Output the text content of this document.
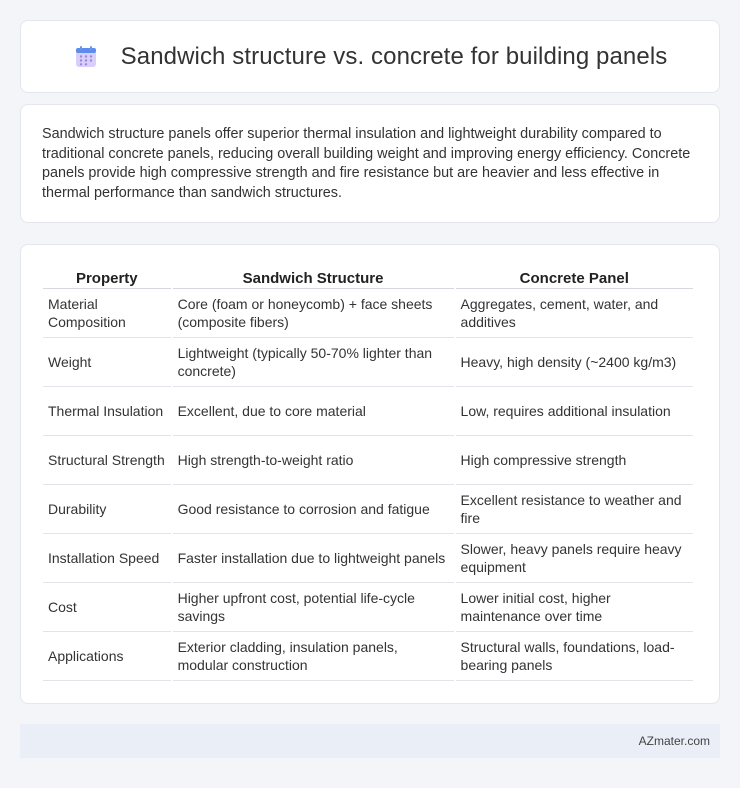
Sandwich structure vs. concrete for building panels

Sandwich structure panels offer superior thermal insulation and lightweight durability compared to traditional concrete panels, reducing overall building weight and improving energy efficiency. Concrete panels provide high compressive strength and fire resistance but are heavier and less effective in thermal performance than sandwich structures.

Property	Sandwich Structure	Concrete Panel
Material Composition	Core (foam or honeycomb) + face sheets (composite fibers)	Aggregates, cement, water, and additives
Weight	Lightweight (typically 50-70% lighter than concrete)	Heavy, high density (~2400 kg/m3)
Thermal Insulation	Excellent, due to core material	Low, requires additional insulation
Structural Strength	High strength-to-weight ratio	High compressive strength
Durability	Good resistance to corrosion and fatigue	Excellent resistance to weather and fire
Installation Speed	Faster installation due to lightweight panels	Slower, heavy panels require heavy equipment
Cost	Higher upfront cost, potential life-cycle savings	Lower initial cost, higher maintenance over time
Applications	Exterior cladding, insulation panels, modular construction	Structural walls, foundations, load-bearing panels
AZmater.com
